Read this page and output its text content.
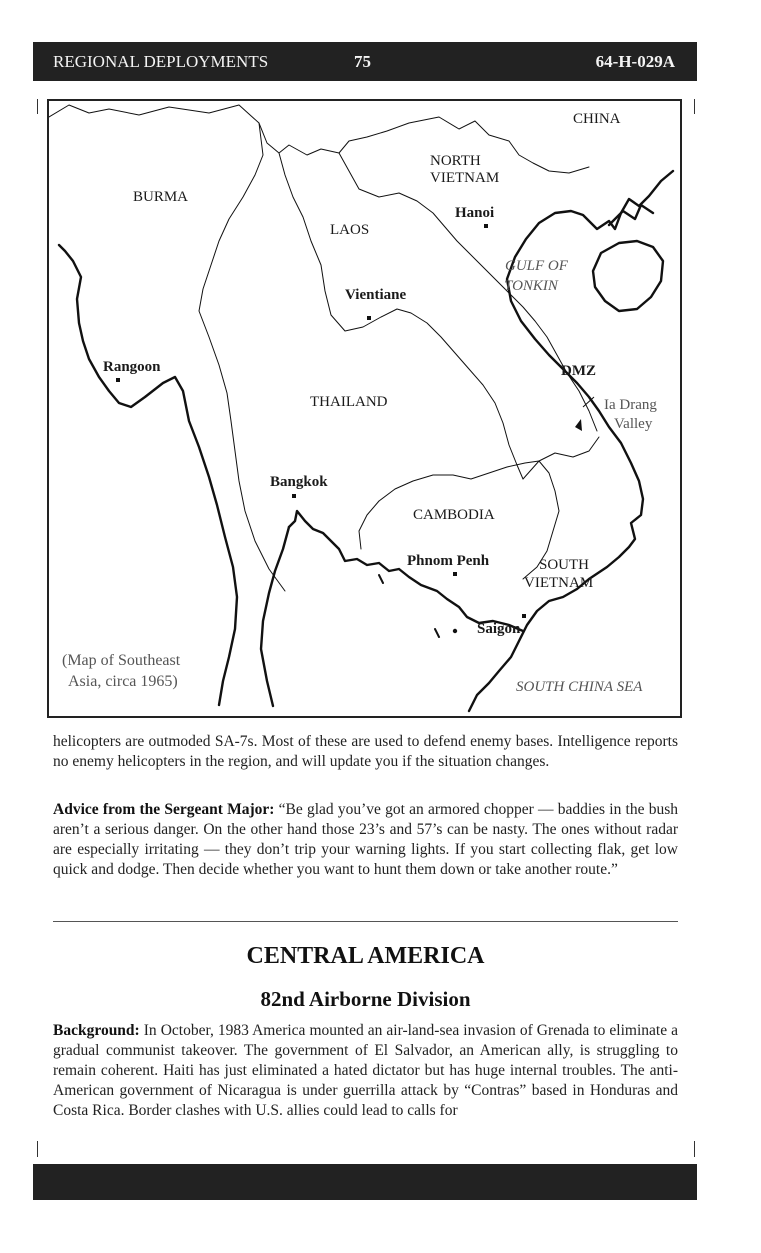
REGIONAL DEPLOYMENTS	75	64-H-029A
CHINA
BURMA
NORTH
VIETNAM
Hanoi
LAOS
GULF OF
TONKIN
Vientiane
Rangoon	DMZ
THAILAND	Ia Drang
Valley
Bangkok
CAMBODIA
Phnom Penh	SOUTH
VIETNAM
Saigon
(Map of Southeast
Asia, circa 1965)	SOUTH CHINA SEA

helicopters are outmoded SA-7s. Most of these are used to defend enemy bases. Intelligence reports no enemy helicopters in the region, and will update you if the situation changes.

Advice from the Sergeant Major: “Be glad you’ve got an armored chopper — baddies in the bush aren’t a serious danger. On the other hand those 23’s and 57’s can be nasty. The ones without radar are especially irritating — they don’t trip your warning lights. If you start collecting flak, get low quick and dodge. Then decide whether you want to hunt them down or take another route.”

CENTRAL AMERICA
82nd Airborne Division

Background: In October, 1983 America mounted an air-land-sea invasion of Grenada to eliminate a gradual communist takeover. The government of El Salvador, an American ally, is struggling to remain coherent. Haiti has just eliminated a hated dictator but has huge internal troubles. The anti-American government of Nicaragua is under guerrilla attack by “Contras” based in Honduras and Costa Rica. Border clashes with U.S. allies could lead to calls for
